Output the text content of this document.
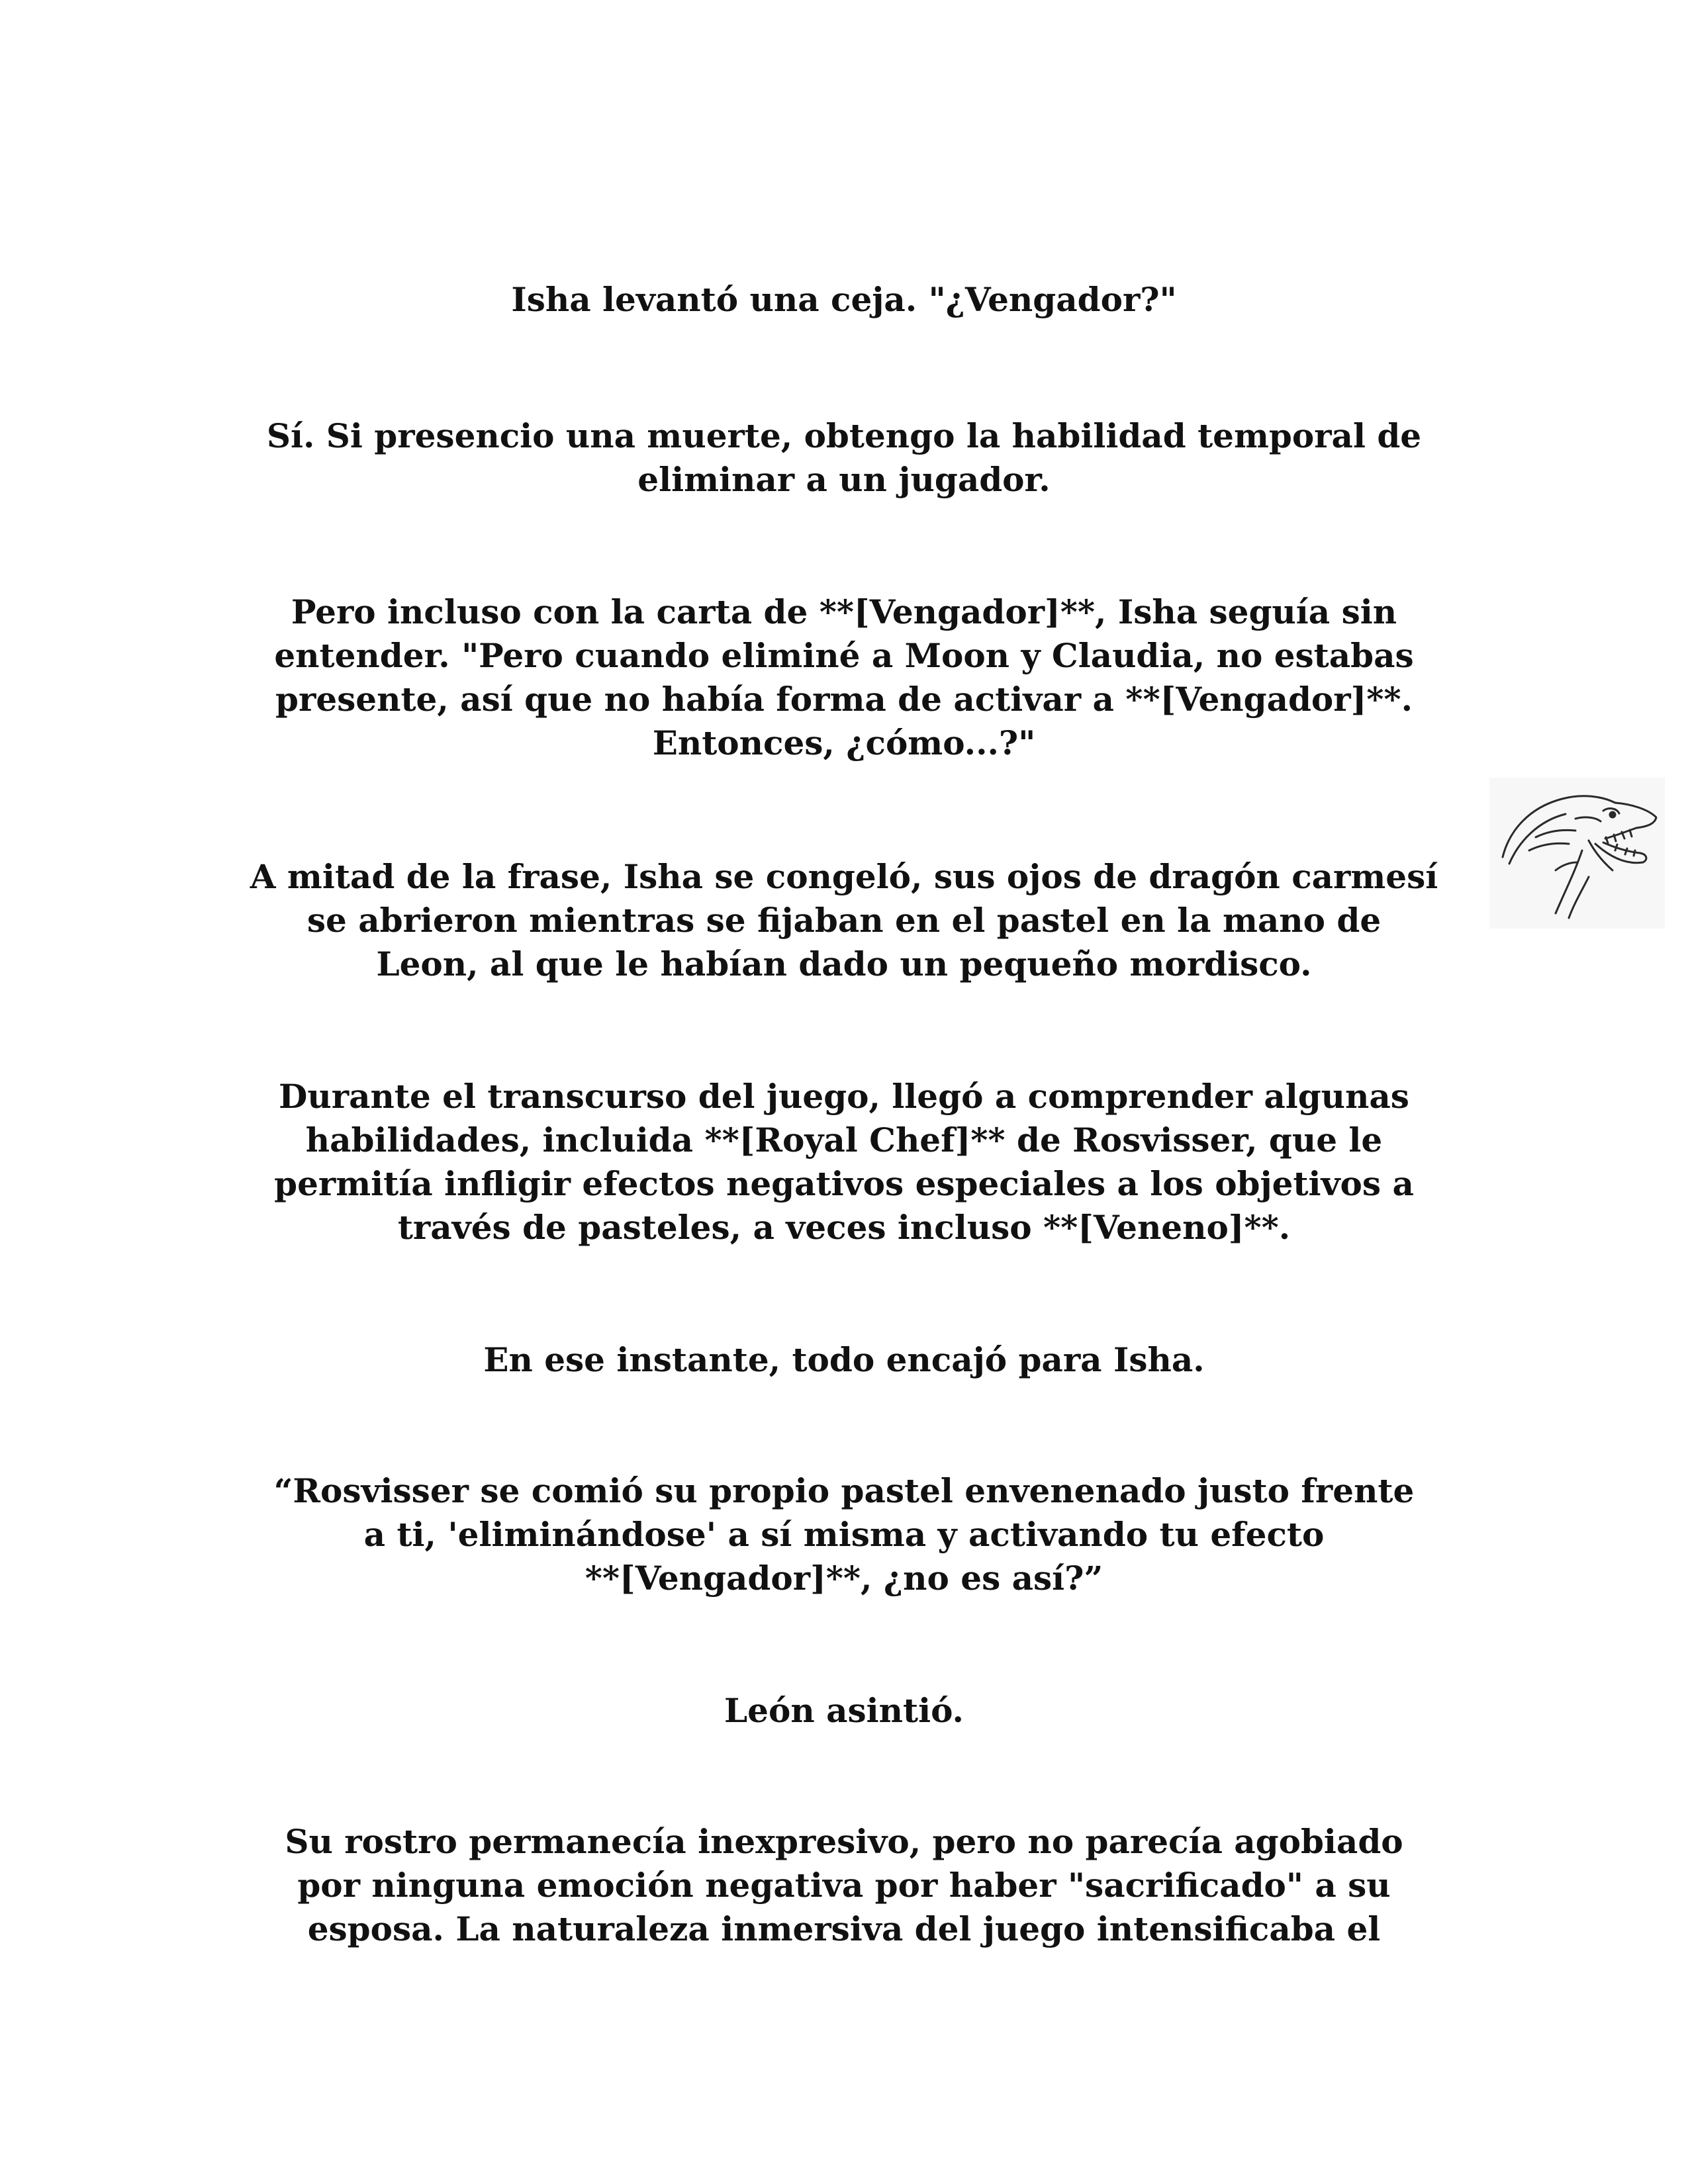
Isha levantó una ceja. "¿Vengador?"

Sí. Si presencio una muerte, obtengo la habilidad temporal de
eliminar a un jugador.

Pero incluso con la carta de **[Vengador]**, Isha seguía sin
entender. "Pero cuando eliminé a Moon y Claudia, no estabas
presente, así que no había forma de activar a **[Vengador]**.
Entonces, ¿cómo...?"

A mitad de la frase, Isha se congeló, sus ojos de dragón carmesí
se abrieron mientras se fijaban en el pastel en la mano de
Leon, al que le habían dado un pequeño mordisco.

Durante el transcurso del juego, llegó a comprender algunas
habilidades, incluida **[Royal Chef]** de Rosvisser, que le
permitía infligir efectos negativos especiales a los objetivos a
través de pasteles, a veces incluso **[Veneno]**.

En ese instante, todo encajó para Isha.

“Rosvisser se comió su propio pastel envenenado justo frente
a ti, 'eliminándose' a sí misma y activando tu efecto
**[Vengador]**, ¿no es así?”

León asintió.

Su rostro permanecía inexpresivo, pero no parecía agobiado
por ninguna emoción negativa por haber "sacrificado" a su
esposa. La naturaleza inmersiva del juego intensificaba el
